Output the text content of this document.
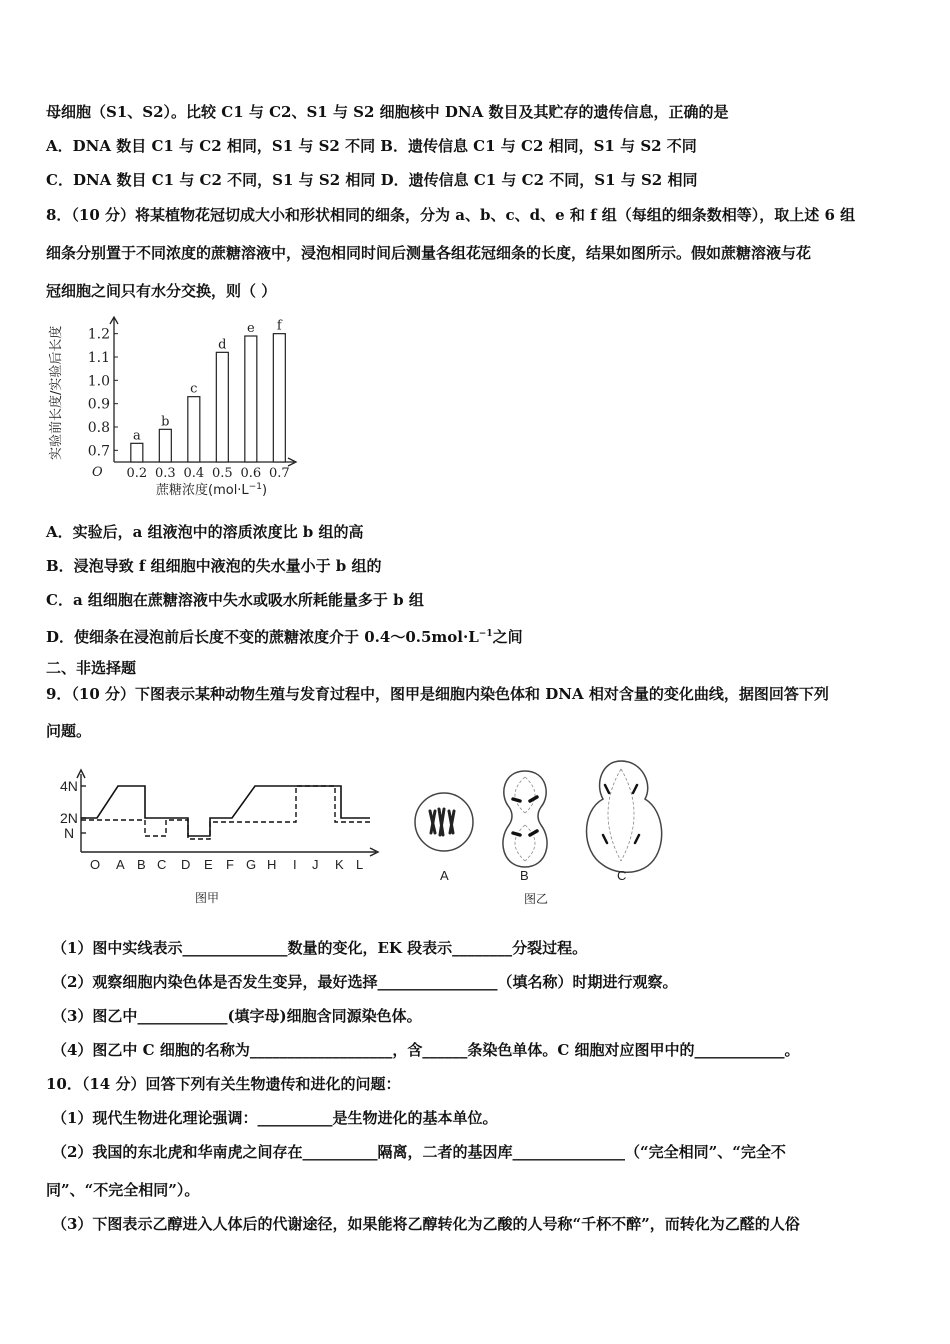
母细胞（S1、S2）。比较 C1 与 C2、S1 与 S2 细胞核中 DNA 数目及其贮存的遗传信息，正确的是
A．DNA 数目 C1 与 C2 相同，S1 与 S2 不同 B．遗传信息 C1 与 C2 相同，S1 与 S2 不同
C．DNA 数目 C1 与 C2 不同，S1 与 S2 相同 D．遗传信息 C1 与 C2 不同，S1 与 S2 相同
8．（10 分）将某植物花冠切成大小和形状相同的细条，分为 a、b、c、d、e 和 f 组（每组的细条数相等），取上述 6 组
细条分别置于不同浓度的蔗糖溶液中，浸泡相同时间后测量各组花冠细条的长度，结果如图所示。假如蔗糖溶液与花
冠细胞之间只有水分交换，则（ ）
0.7
0.8
0.9
1.0
1.1
1.2
a
0.2
b
0.3
c
0.4
d
0.5
e
0.6
f
0.7
O
实验前长度/实验后长度
蔗糖浓度$(mol\cdot L^{-1})$
A．实验后，a 组液泡中的溶质浓度比 b 组的高
B．浸泡导致 f 组细胞中液泡的失水量小于 b 组的
C．a 组细胞在蔗糖溶液中失水或吸水所耗能量多于 b 组
D．使细条在浸泡前后长度不变的蔗糖浓度介于 $0.4\sim 0.5mol\cdot L^{-1}$之间
二、非选择题
9．（10 分）下图表示某种动物生殖与发育过程中，图甲是细胞内染色体和 DNA 相对含量的变化曲线，据图回答下列
问题。
4N
2N
N
O A B C D E F G H I J K L
图甲
A	B	C
图乙
（1）图中实线表示______________数量的变化，EK 段表示________分裂过程。
（2）观察细胞内染色体是否发生变异，最好选择________________（填名称）时期进行观察。
（3）图乙中____________(填字母)细胞含同源染色体。
（4）图乙中 C 细胞的名称为___________________，含______条染色单体。C 细胞对应图甲中的____________。
10．（14 分）回答下列有关生物遗传和进化的问题：
（1）现代生物进化理论强调：__________是生物进化的基本单位。
（2）我国的东北虎和华南虎之间存在__________隔离，二者的基因库_______________（“完全相同”、“完全不
同”、“不完全相同”）。
（3）下图表示乙醇进入人体后的代谢途径，如果能将乙醇转化为乙酸的人号称“千杯不醉”，而转化为乙醛的人俗
